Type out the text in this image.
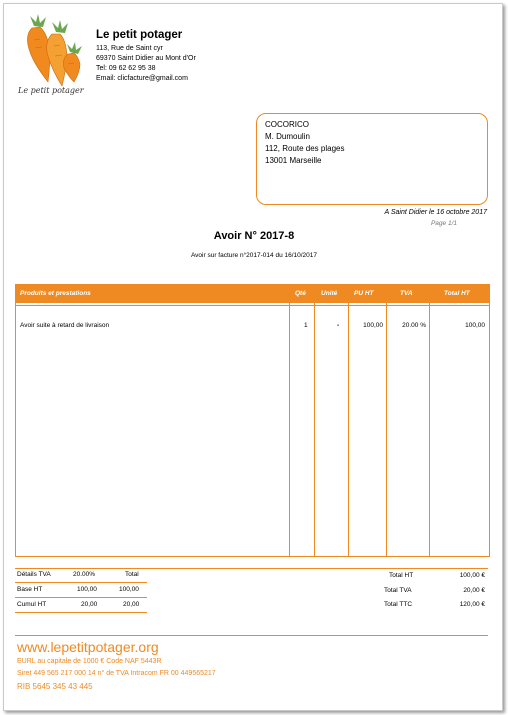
Le petit potager
Le petit potager
113, Rue de Saint cyr
69370 Saint Didier au Mont d'Or
Tel: 09 62 62 95 38
Email: clicfacture@gmail.com
COCORICO
M. Dumoulin
112, Route des plages
13001 Marseille
A Saint Didier le 16 octobre 2017
Page 1/1
Avoir N° 2017-8
Avoir sur facture n°2017-014 du 16/10/2017
Produits et prestations	Qté Unité	PU HT	TVA	Total HT
Avoir suite à retard de livraison	1	-	100,00	20.00 %	100,00
Détails TVA	20.00%	Total
Base HT	100,00	100,00
Cumul HT	20,00	20,00
Total HT	100,00 €
Total TVA	20,00 €
Total TTC	120,00 €
www.lepetitpotager.org
EURL au capitale de 1000 € Code NAF 5443R
Siret 449 565 217 000 14 n° de TVA Intracom FR 00 449565217
RIB 5645 345 43 445
